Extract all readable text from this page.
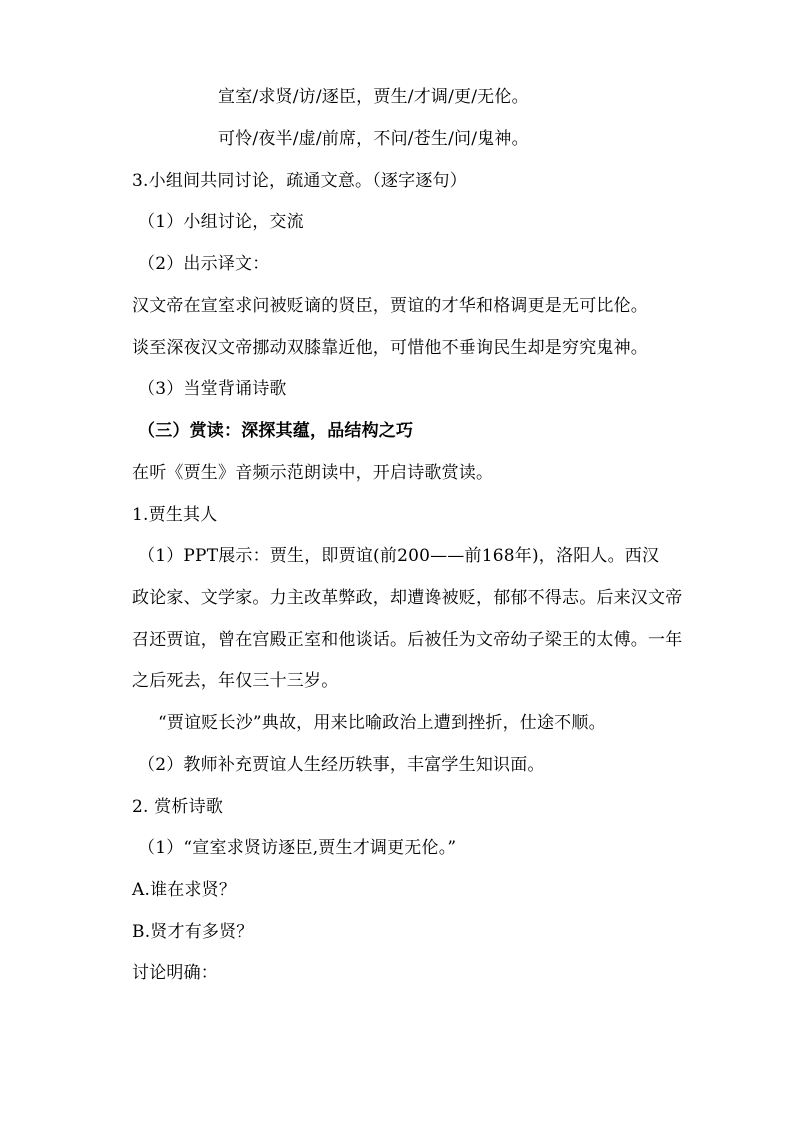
宣室/求贤/访/逐臣，贾生/才调/更/无伦。
可怜/夜半/虚/前席，不问/苍生/问/鬼神。
3.小组间共同讨论，疏通文意。（逐字逐句）
（1）小组讨论，交流
（2）出示译文：
汉文帝在宣室求问被贬谪的贤臣，贾谊的才华和格调更是无可比伦。
谈至深夜汉文帝挪动双膝靠近他，可惜他不垂询民生却是穷究鬼神。
（3）当堂背诵诗歌
（三）赏读：深探其蕴，品结构之巧
在听《贾生》音频示范朗读中，开启诗歌赏读。
1.贾生其人
（1）PPT展示：贾生，即贾谊(前200——前168年)，洛阳人。西汉
政论家、文学家。力主改革弊政，却遭谗被贬，郁郁不得志。后来汉文帝
召还贾谊，曾在宫殿正室和他谈话。后被任为文帝幼子梁王的太傅。一年
之后死去，年仅三十三岁。
“贾谊贬长沙”典故，用来比喻政治上遭到挫折，仕途不顺。
（2）教师补充贾谊人生经历轶事，丰富学生知识面。
2. 赏析诗歌
（1）“宣室求贤访逐臣,贾生才调更无伦。”
A.谁在求贤？
B.贤才有多贤？
讨论明确：
